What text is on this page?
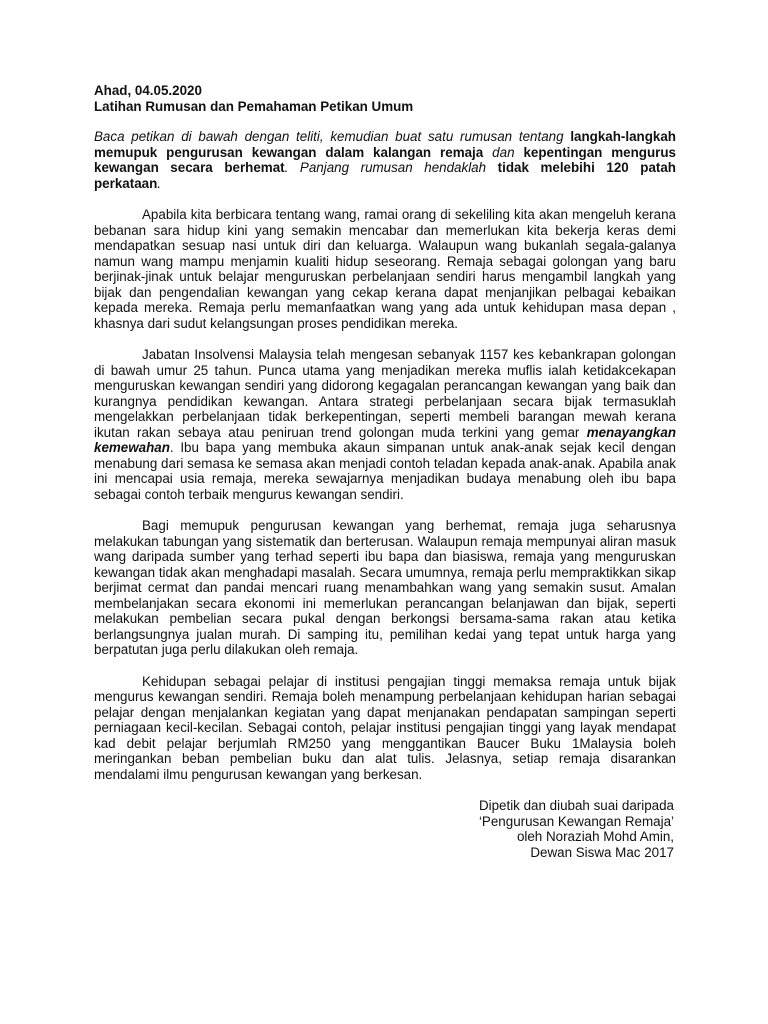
Ahad, 04.05.2020

Latihan Rumusan dan Pemahaman Petikan Umum

Baca petikan di bawah dengan teliti, kemudian buat satu rumusan tentang langkah-langkah memupuk pengurusan kewangan dalam kalangan remaja dan kepentingan mengurus kewangan secara berhemat. Panjang rumusan hendaklah tidak melebihi 120 patah perkataan.

Apabila kita berbicara tentang wang, ramai orang di sekeliling kita akan mengeluh kerana bebanan sara hidup kini yang semakin mencabar dan memerlukan kita bekerja keras demi mendapatkan sesuap nasi untuk diri dan keluarga. Walaupun wang bukanlah segala-galanya namun wang mampu menjamin kualiti hidup seseorang. Remaja sebagai golongan yang baru berjinak-jinak untuk belajar menguruskan perbelanjaan sendiri harus mengambil langkah yang bijak dan pengendalian kewangan yang cekap kerana dapat menjanjikan pelbagai kebaikan kepada mereka. Remaja perlu memanfaatkan wang yang ada untuk kehidupan masa depan , khasnya dari sudut kelangsungan proses pendidikan mereka.

Jabatan Insolvensi Malaysia telah mengesan sebanyak 1157 kes kebankrapan golongan di bawah umur 25 tahun. Punca utama yang menjadikan mereka muflis ialah ketidakcekapan menguruskan kewangan sendiri yang didorong kegagalan perancangan kewangan yang baik dan kurangnya pendidikan kewangan. Antara strategi perbelanjaan secara bijak termasuklah mengelakkan perbelanjaan tidak berkepentingan, seperti membeli barangan mewah kerana ikutan rakan sebaya atau peniruan trend golongan muda terkini yang gemar menayangkan kemewahan. Ibu bapa yang membuka akaun simpanan untuk anak-anak sejak kecil dengan menabung dari semasa ke semasa akan menjadi contoh teladan kepada anak-anak. Apabila anak ini mencapai usia remaja, mereka sewajarnya menjadikan budaya menabung oleh ibu bapa sebagai contoh terbaik mengurus kewangan sendiri.

Bagi memupuk pengurusan kewangan yang berhemat, remaja juga seharusnya melakukan tabungan yang sistematik dan berterusan. Walaupun remaja mempunyai aliran masuk wang daripada sumber yang terhad seperti ibu bapa dan biasiswa, remaja yang menguruskan kewangan tidak akan menghadapi masalah. Secara umumnya, remaja perlu mempraktikkan sikap berjimat cermat dan pandai mencari ruang menambahkan wang yang semakin susut. Amalan membelanjakan secara ekonomi ini memerlukan perancangan belanjawan dan bijak, seperti melakukan pembelian secara pukal dengan berkongsi bersama-sama rakan atau ketika berlangsungnya jualan murah. Di samping itu, pemilihan kedai yang tepat untuk harga yang berpatutan juga perlu dilakukan oleh remaja.

Kehidupan sebagai pelajar di institusi pengajian tinggi memaksa remaja untuk bijak mengurus kewangan sendiri. Remaja boleh menampung perbelanjaan kehidupan harian sebagai pelajar dengan menjalankan kegiatan yang dapat menjanakan pendapatan sampingan seperti perniagaan kecil-kecilan. Sebagai contoh, pelajar institusi pengajian tinggi yang layak mendapat kad debit pelajar berjumlah RM250 yang menggantikan Baucer Buku 1Malaysia boleh meringankan beban pembelian buku dan alat tulis. Jelasnya, setiap remaja disarankan mendalami ilmu pengurusan kewangan yang berkesan.

Dipetik dan diubah suai daripada
‘Pengurusan Kewangan Remaja’
oleh Noraziah Mohd Amin,
Dewan Siswa Mac 2017
